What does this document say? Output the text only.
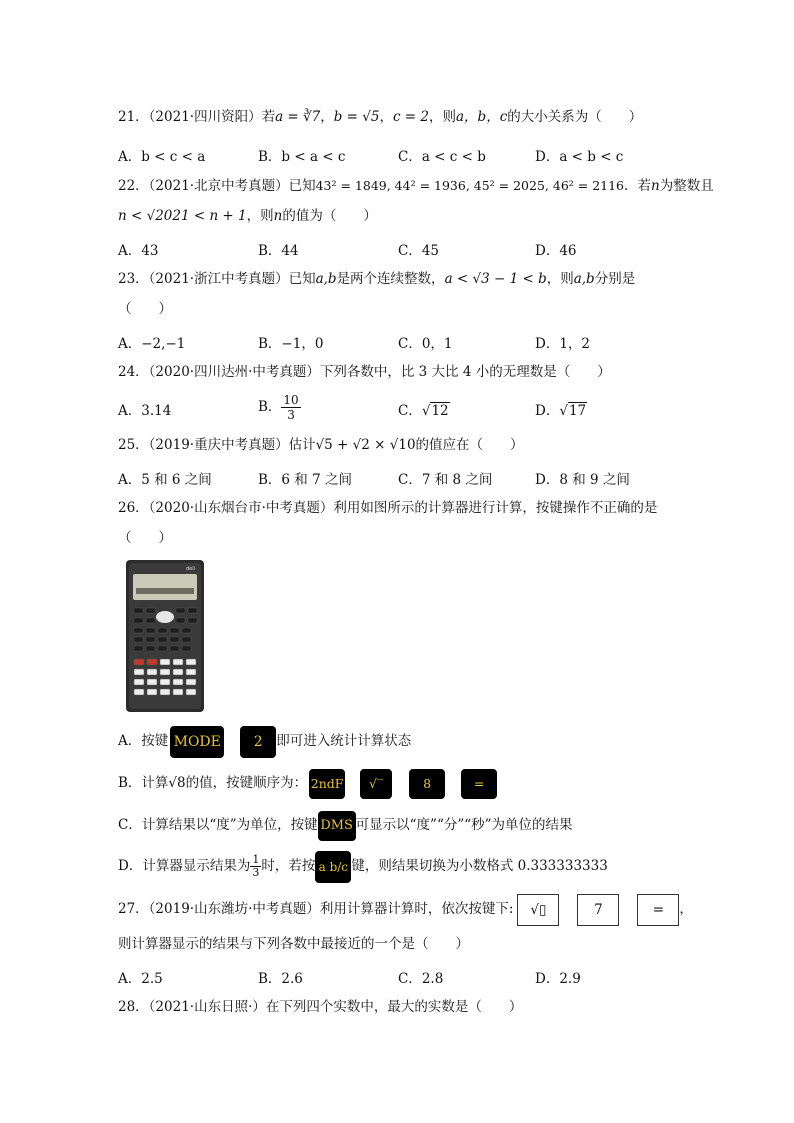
21．（2021·四川资阳）若a = ∛7，b = √5，c = 2，则a，b，c的大小关系为（　　）
A．b < c < a	B．b < a < c	C．a < c < b	D．a < b < c
22．（2021·北京中考真题）已知43² = 1849, 44² = 1936, 45² = 2025, 46² = 2116．若n为整数且
n < √2021 < n + 1，则n的值为（　　）
A．43	B．44	C．45	D．46
23．（2021·浙江中考真题）已知a,b是两个连续整数，a < √3 − 1 < b，则a,b分别是
（　　）
A．−2,−1	B．−1，0	C．0，1	D．1，2
24．（2020·四川达州·中考真题）下列各数中，比 3 大比 4 小的无理数是（　　）
A．3.14	B． $\frac{10}{3}$	C．√12	D．√17
25．（2019·重庆中考真题）估计√5 + √2 × √10的值应在（　　）
A．5 和 6 之间	B．6 和 7 之间	C．7 和 8 之间	D．8 和 9 之间
26．（2020·山东烟台市·中考真题）利用如图所示的计算器进行计算，按键操作不正确的是
（　　）
deli
A．按键 MODE 2 即可进入统计计算状态
B．计算√8的值，按键顺序为： 2ndF √‾	8	=
C．计算结果以“度”为单位，按键 DMS 可显示以“度”“分”“秒”为单位的结果
D．计算器显示结果为 $\frac{1}{3}$ 时，若按 a b/c 键，则结果切换为小数格式 0.333333333
27．（2019·山东潍坊·中考真题）利用计算器计算时，依次按键下: √▯	7	= ，
则计算器显示的结果与下列各数中最接近的一个是（　　）
A．2.5	B．2.6	C．2.8	D．2.9
28．（2021·山东日照·）在下列四个实数中，最大的实数是（　　）
